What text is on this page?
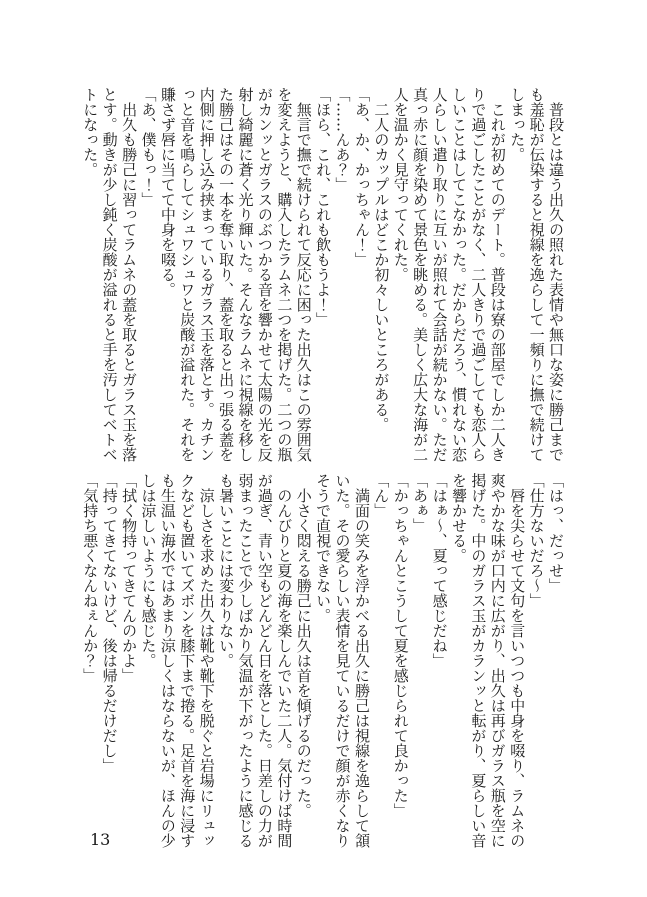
　普段とは違う出久の照れた表情や無口な姿に勝己までも羞恥が伝染すると視線を逸らして一頻りに撫で続けてしまった。

　これが初めてのデート。普段は寮の部屋でしか二人きりで過ごしたことがなく、二人きりで過ごしても恋人らしいことはしてこなかった。だからだろう、慣れない恋人らしい遣り取りに互いが照れて会話が続かない。ただ真っ赤に顔を染めて景色を眺める。美しく広大な海が二人を温かく見守ってくれた。

　二人のカップルはどこか初々しいところがある。

「あ、か、かっちゃん！」

「……んあ？」

「ほら、これ、これも飲もうよ！」

　無言で撫で続けられて反応に困った出久はこの雰囲気を変えようと、購入したラムネ二つを掲げた。二つの瓶がカンッとガラスのぶつかる音を響かせて太陽の光を反射し綺麗に蒼く光り輝いた。そんなラムネに視線を移した勝己はその一本を奪い取り、蓋を取ると出っ張る蓋を内側に押し込み挟まっているガラス玉を落とす。カチンっと音を鳴らしてシュワシュワと炭酸が溢れた。それを賺さず唇に当てて中身を啜る。

「あ、僕もっ！」

　出久も勝己に習ってラムネの蓋を取るとガラス玉を落とす。動きが少し鈍く炭酸が溢れると手を汚してベトベトになった。

「はっ、だっせ」

「仕方ないだろ〜」

　唇を尖らせて文句を言いつつも中身を啜り、ラムネの爽やかな味が口内に広がり、出久は再びガラス瓶を空に掲げた。中のガラス玉がカランッと転がり、夏らしい音を響かせる。

「はぁ〜、夏って感じだね」

「あぁ」

「かっちゃんとこうして夏を感じられて良かった」

「ん」

　満面の笑みを浮かべる出久に勝己は視線を逸らして頷いた。その愛らしい表情を見ているだけで顔が赤くなりそうで直視できない。

　小さく悶える勝己に出久は首を傾げるのだった。

　のんびりと夏の海を楽しんでいた二人。気付けば時間が過ぎ、青い空もどんどん日を落とした。日差しの力が弱まったことで少しばかり気温が下がったように感じるも暑いことには変わりない。

　涼しさを求めた出久は靴や靴下を脱ぐと岩場にリュックなども置いてズボンを膝下まで捲る。足首を海に浸すも生温い海水ではあまり涼しくはならないが、ほんの少しは涼しいようにも感じた。

「拭く物持ってきてんのかよ」

「持ってきてないけど、後は帰るだけだし」

「気持ち悪くなんねぇんか？」

13
